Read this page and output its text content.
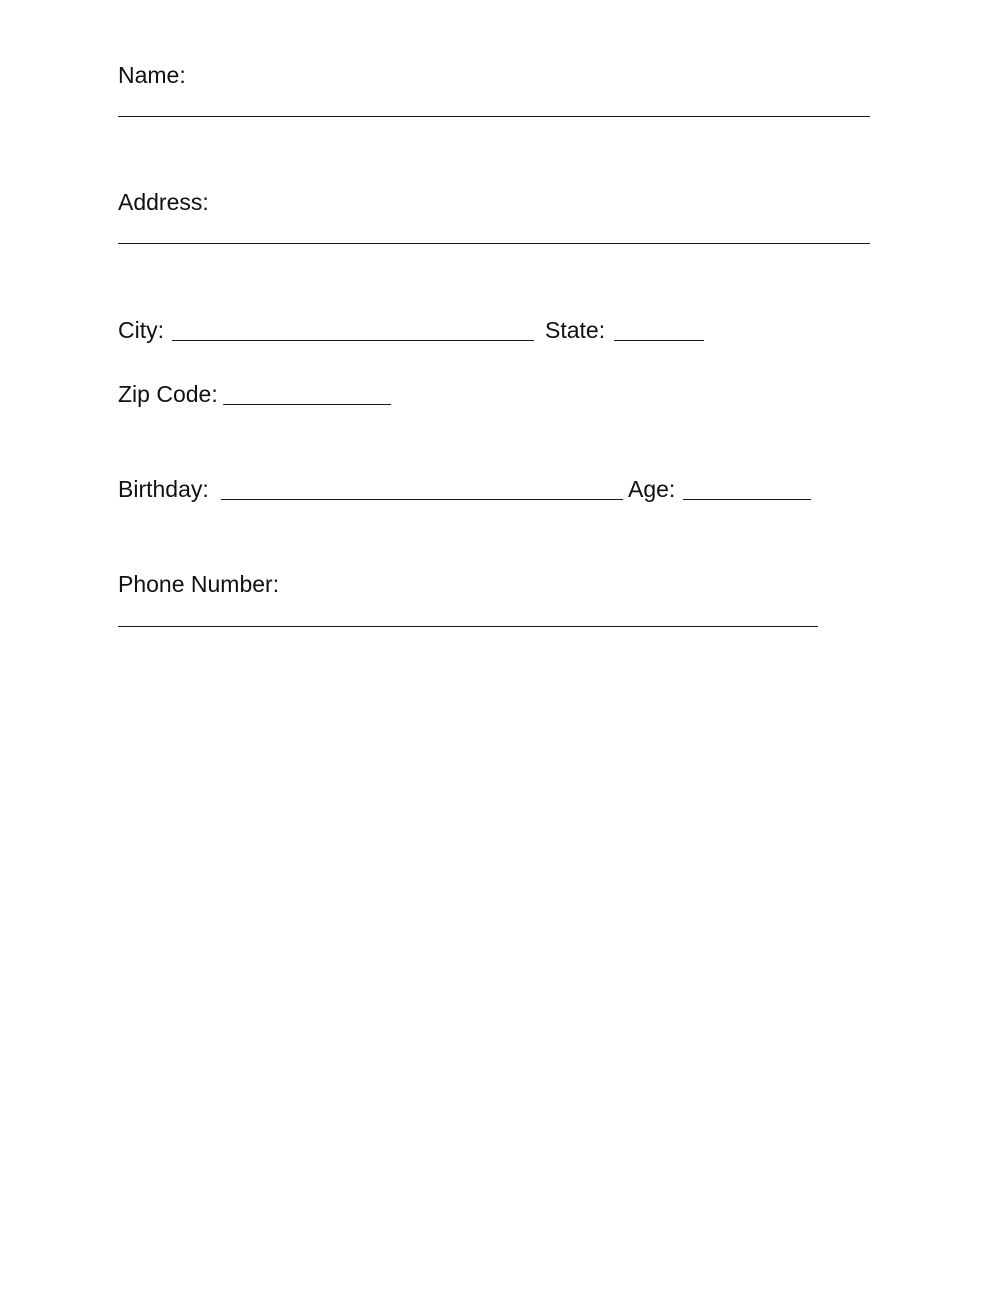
Name:
Address:
City:	State:
Zip Code:
Birthday:	Age:
Phone Number:
